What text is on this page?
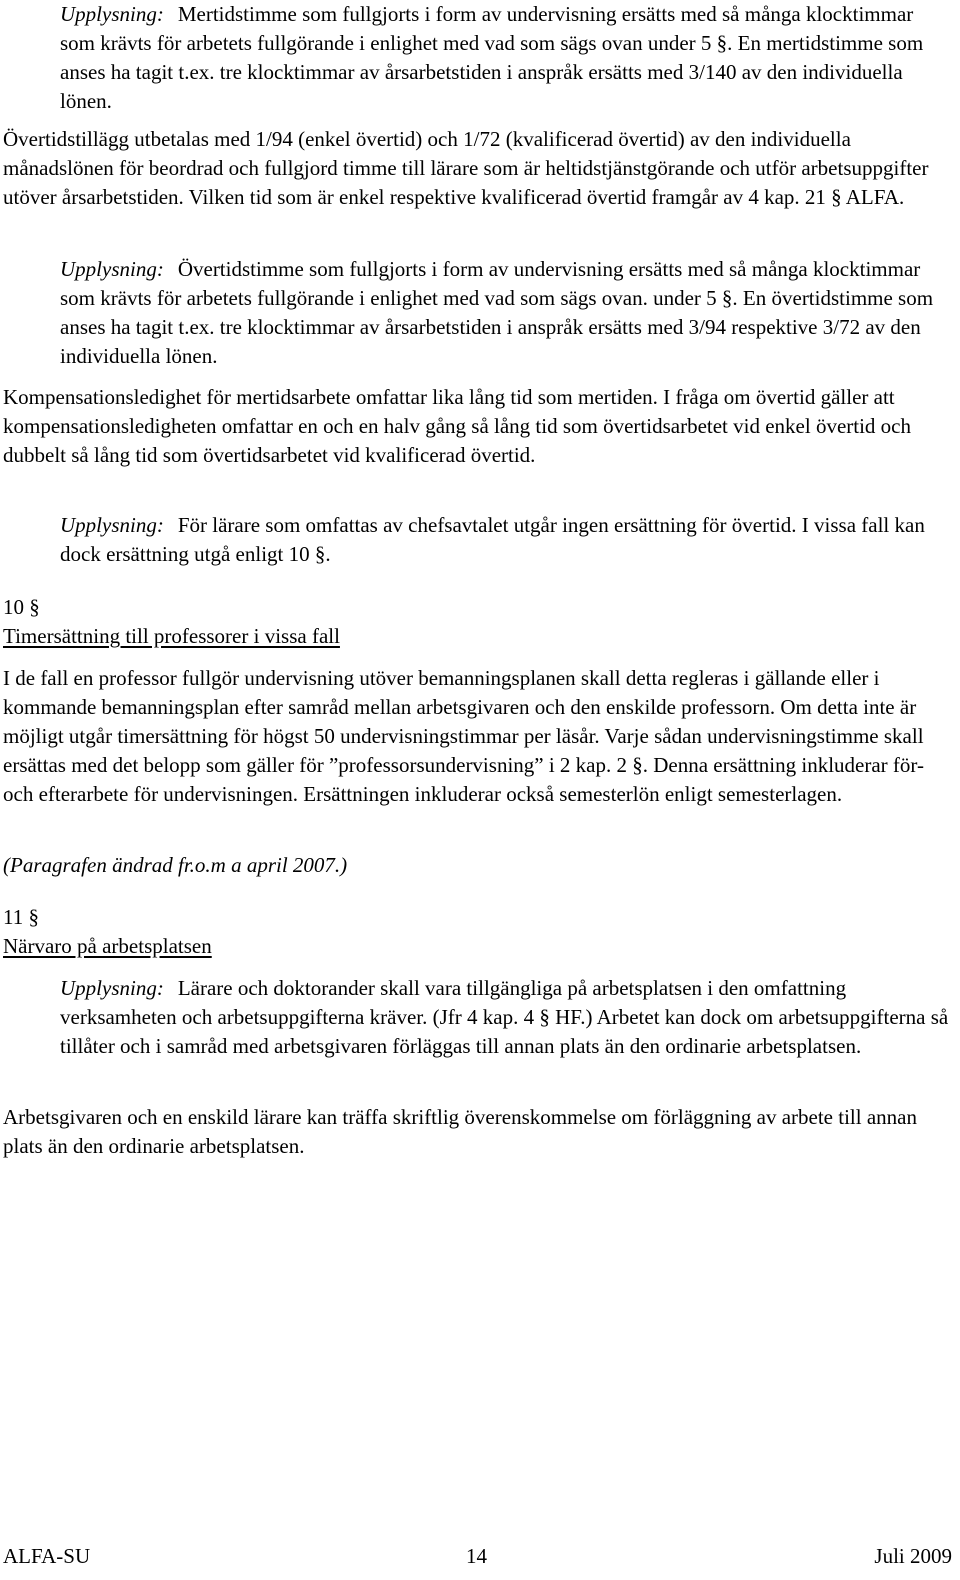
Upplysning: Mertidstimme som fullgjorts i form av undervisning ersätts med så många klocktimmar som krävts för arbetets fullgörande i enlighet med vad som sägs ovan under 5 §. En mertidstimme som anses ha tagit t.ex. tre klocktimmar av årsarbetstiden i anspråk ersätts med 3/140 av den individuella lönen.

Övertidstillägg utbetalas med 1/94 (enkel övertid) och 1/72 (kvalificerad övertid) av den individuella månadslönen för beordrad och fullgjord timme till lärare som är heltidstjänstgörande och utför arbetsuppgifter utöver årsarbetstiden. Vilken tid som är enkel respektive kvalificerad övertid framgår av 4 kap. 21 § ALFA.

Upplysning: Övertidstimme som fullgjorts i form av undervisning ersätts med så många klocktimmar som krävts för arbetets fullgörande i enlighet med vad som sägs ovan. under 5 §. En övertidstimme som anses ha tagit t.ex. tre klocktimmar av årsarbetstiden i anspråk ersätts med 3/94 respektive 3/72 av den individuella lönen.

Kompensationsledighet för mertidsarbete omfattar lika lång tid som mertiden. I fråga om övertid gäller att kompensationsledigheten omfattar en och en halv gång så lång tid som övertidsarbetet vid enkel övertid och dubbelt så lång tid som övertidsarbetet vid kvalificerad övertid.

Upplysning: För lärare som omfattas av chefsavtalet utgår ingen ersättning för övertid. I vissa fall kan dock ersättning utgå enligt 10 §.

10 §
Timersättning till professorer i vissa fall

I de fall en professor fullgör undervisning utöver bemanningsplanen skall detta regleras i gällande eller i kommande bemanningsplan efter samråd mellan arbetsgivaren och den enskilde professorn. Om detta inte är möjligt utgår timersättning för högst 50 undervisningstimmar per läsår. Varje sådan undervisningstimme skall ersättas med det belopp som gäller för ”professorsundervisning” i 2 kap. 2 §. Denna ersättning inkluderar för- och efterarbete för undervisningen. Ersättningen inkluderar också semesterlön enligt semesterlagen.

(Paragrafen ändrad fr.o.m a april 2007.)

11 §
Närvaro på arbetsplatsen

Upplysning: Lärare och doktorander skall vara tillgängliga på arbetsplatsen i den omfattning verksamheten och arbetsuppgifterna kräver. (Jfr 4 kap. 4 § HF.) Arbetet kan dock om arbetsuppgifterna så tillåter och i samråd med arbetsgivaren förläggas till annan plats än den ordinarie arbetsplatsen.

Arbetsgivaren och en enskild lärare kan träffa skriftlig överenskommelse om förläggning av arbete till annan plats än den ordinarie arbetsplatsen.

ALFA-SU	14	Juli 2009
